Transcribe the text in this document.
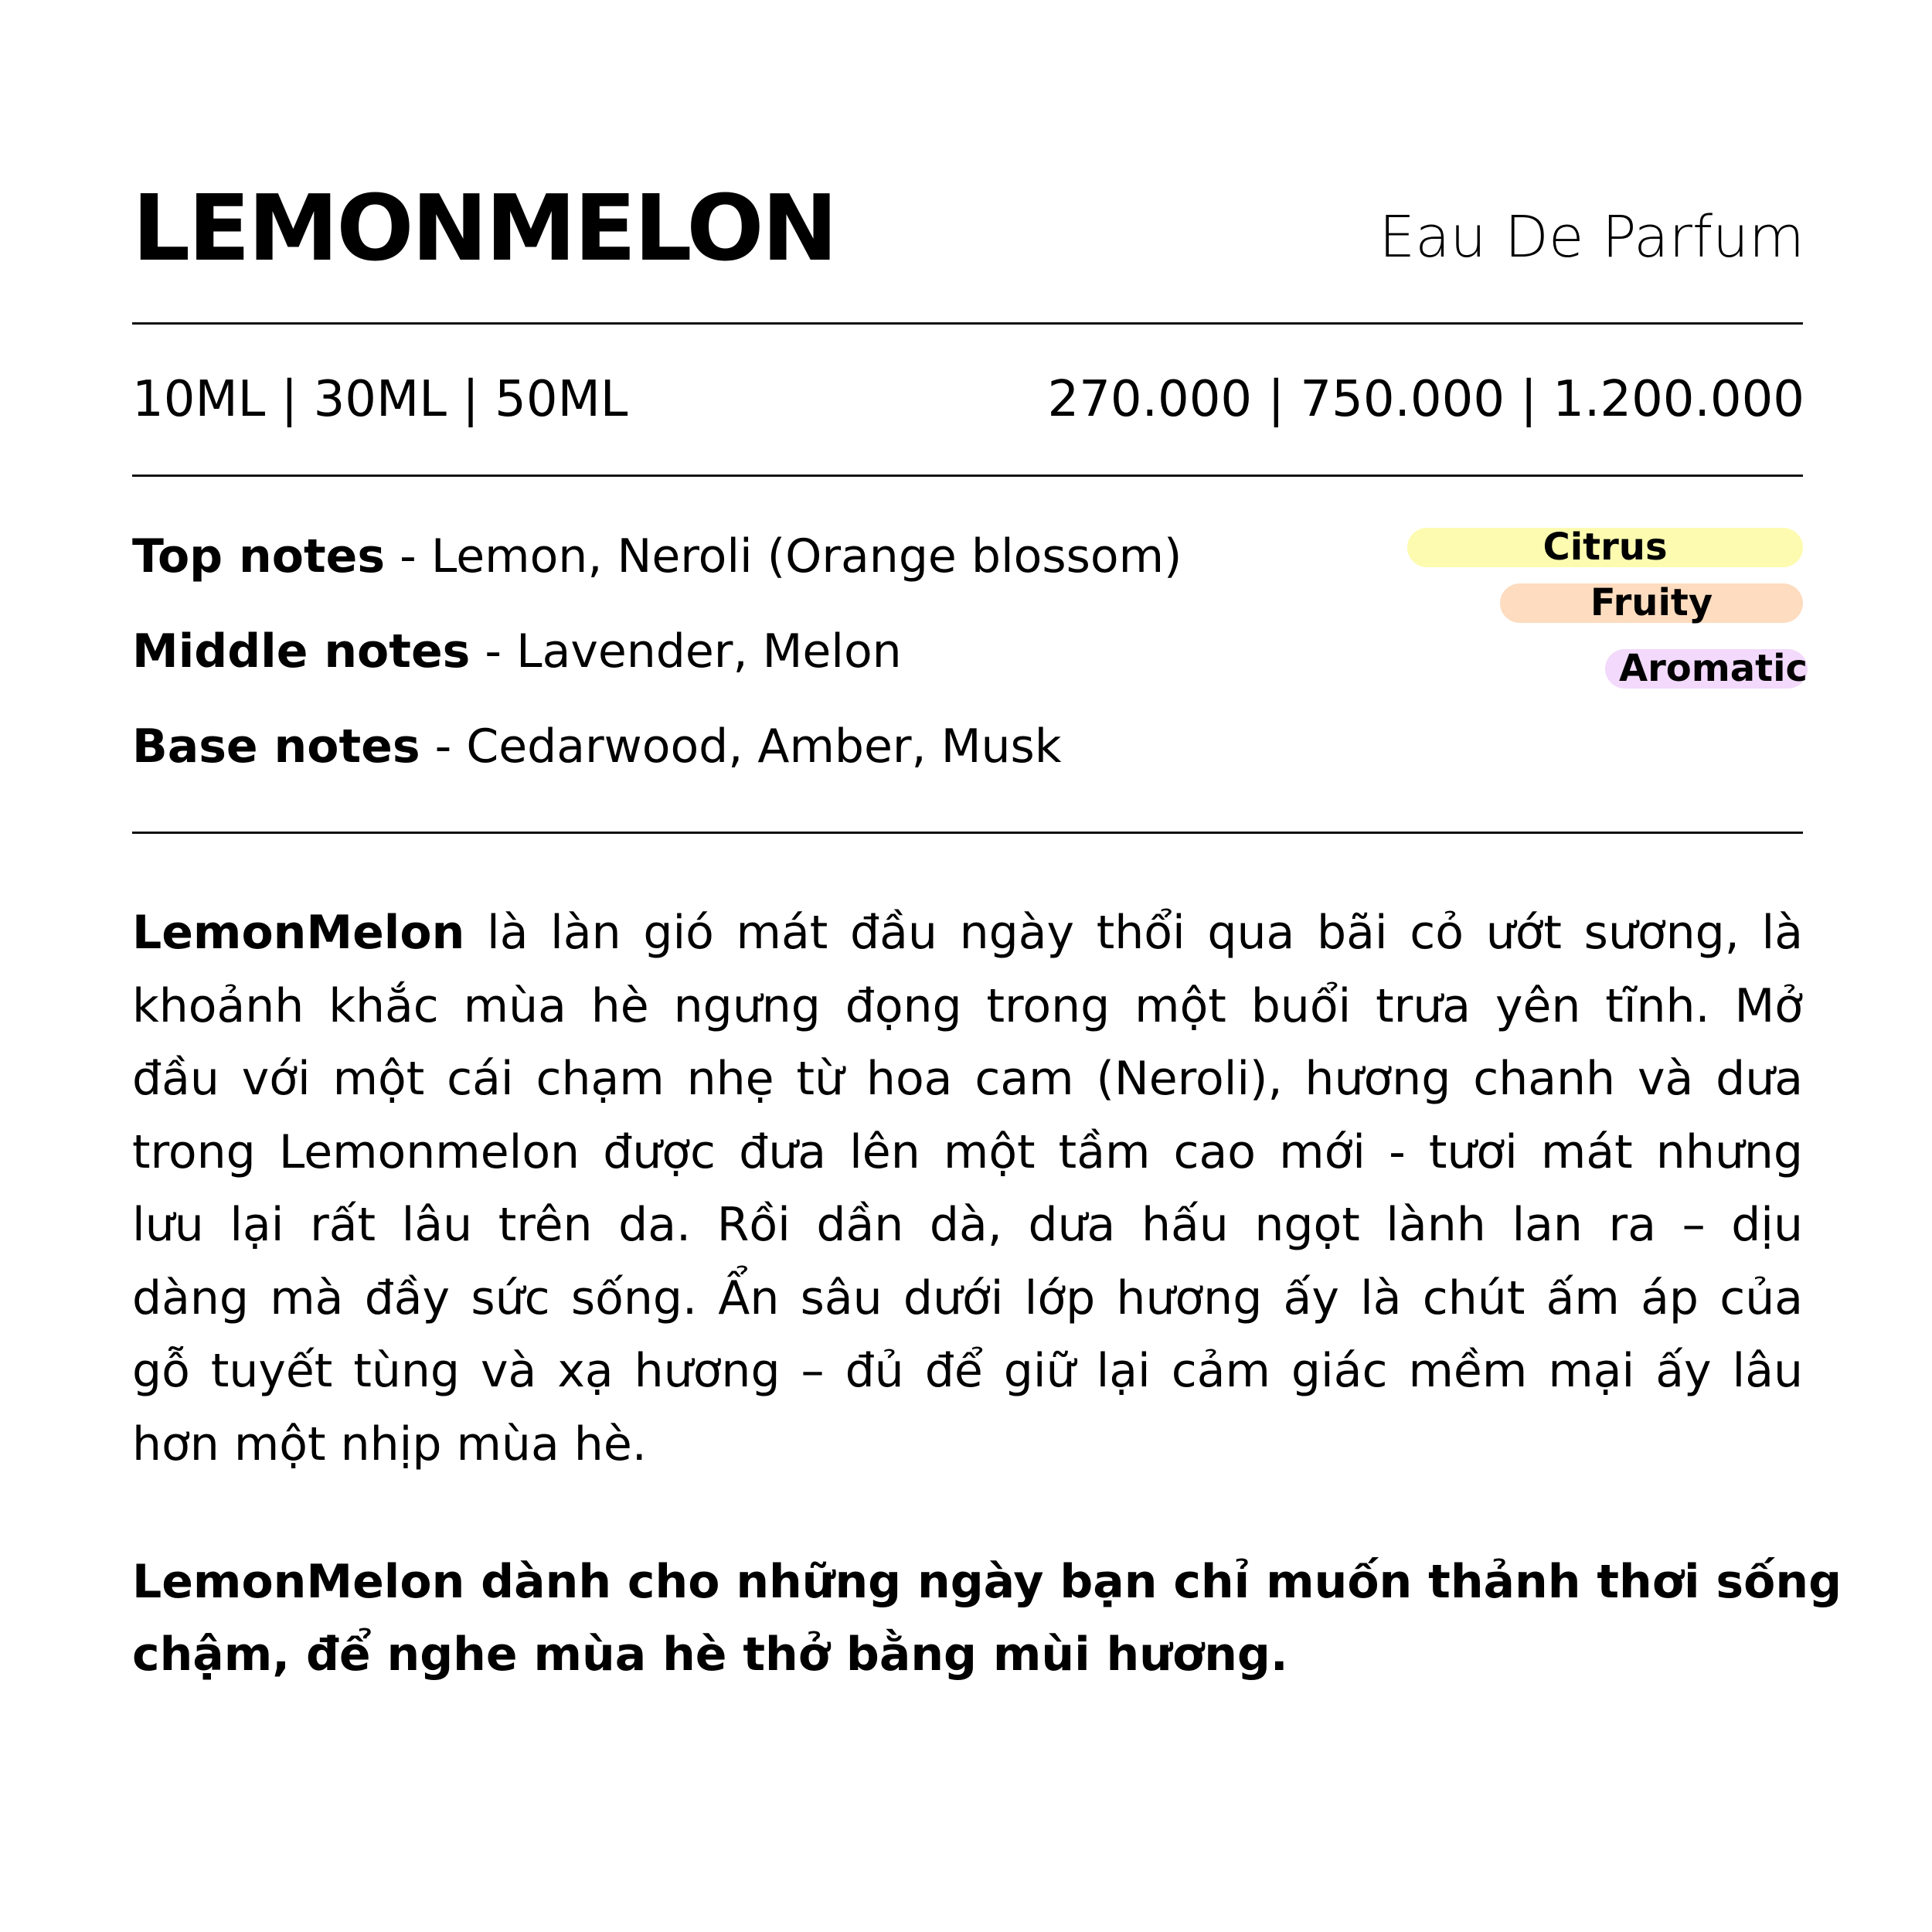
LEMONMELON	Eau De Parfum
10ML | 30ML | 50ML	270.000 | 750.000 | 1.200.000
Top notes - Lemon, Neroli (Orange blossom)
Middle notes - Lavender, Melon
Base notes - Cedarwood, Amber, Musk
Citrus
Fruity
Aromatic
LemonMelon là làn gió mát đầu ngày thổi qua bãi cỏ ướt sương, là
khoảnh khắc mùa hè ngưng đọng trong một buổi trưa yên tĩnh. Mở
đầu với một cái chạm nhẹ từ hoa cam (Neroli), hương chanh và dưa
trong Lemonmelon được đưa lên một tầm cao mới - tươi mát nhưng
lưu lại rất lâu trên da. Rồi dần dà, dưa hấu ngọt lành lan ra – dịu
dàng mà đầy sức sống. Ẩn sâu dưới lớp hương ấy là chút ấm áp của
gỗ tuyết tùng và xạ hương – đủ để giữ lại cảm giác mềm mại ấy lâu
hơn một nhịp mùa hè.
LemonMelon dành cho những ngày bạn chỉ muốn thảnh thơi sống
chậm, để nghe mùa hè thở bằng mùi hương.
